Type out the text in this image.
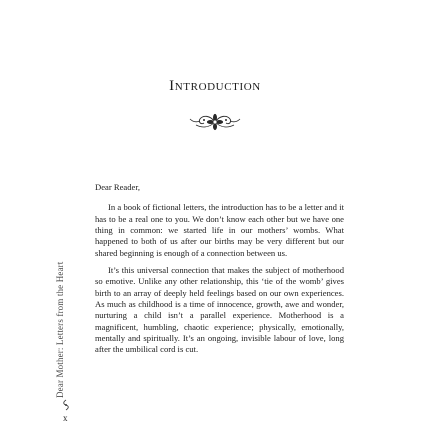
Introduction
Dear Mother: Letters from the Heart
x

Dear Reader,

In a book of fictional letters, the introduction has to be a letter and it has to be a real one to you. We don’t know each other but we have one thing in common: we started life in our mothers’ wombs. What happened to both of us after our births may be very different but our shared beginning is enough of a connection between us.

It’s this universal connection that makes the subject of motherhood so emotive. Unlike any other relationship, this ‘tie of the womb’ gives birth to an array of deeply held feelings based on our own experiences. As much as childhood is a time of innocence, growth, awe and wonder, nurturing a child isn’t a parallel experience. Motherhood is a magnificent, humbling, chaotic experience; physically, emotionally, mentally and spiritually. It’s an ongoing, invisible labour of love, long after the umbilical cord is cut.
